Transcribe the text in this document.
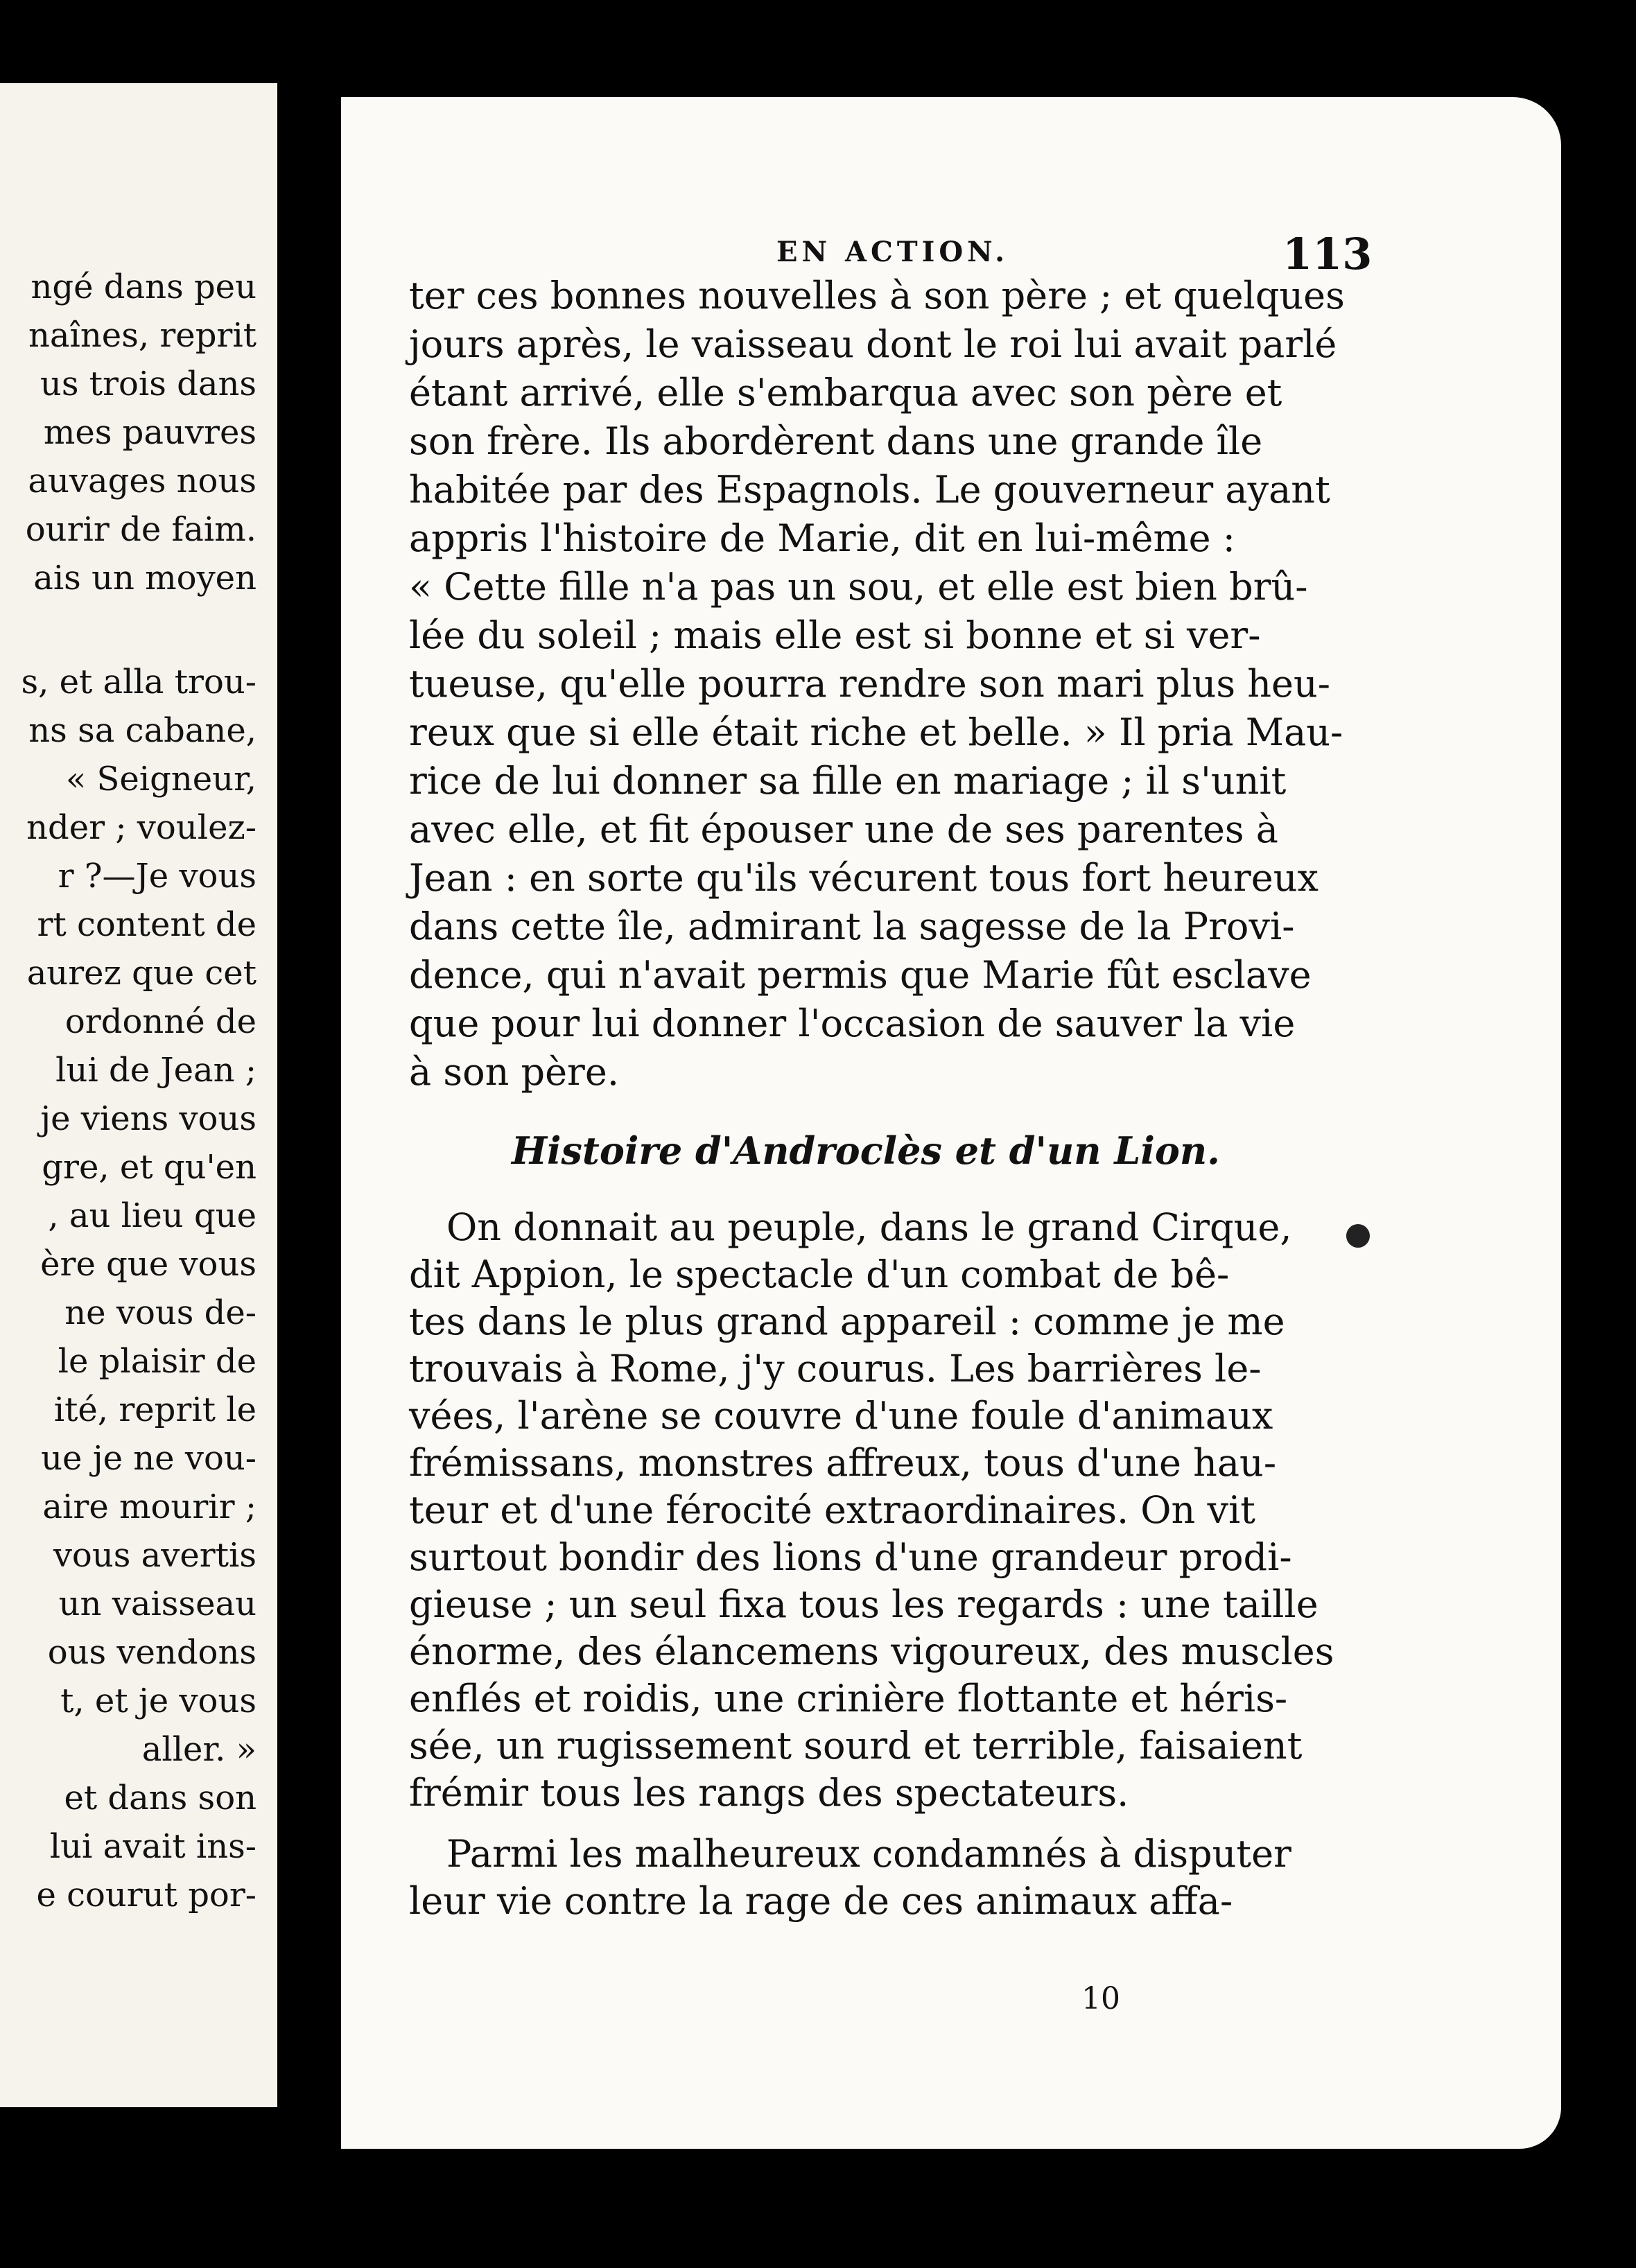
ngé dans peu
naînes, reprit
us trois dans
mes pauvres
auvages nous
ourir de faim.
ais un moyen
s, et alla trou-
ns sa cabane,
« Seigneur,
nder ; voulez-
r ?—Je vous
rt content de
aurez que cet
ordonné de
lui de Jean ;
je viens vous
gre, et qu'en
, au lieu que
ère que vous
ne vous de-
le plaisir de
ité, reprit le
ue je ne vou-
aire mourir ;
vous avertis
un vaisseau
ous vendons
t, et je vous
aller. »
et dans son
lui avait ins-
e courut por-
EN ACTION.	113
ter ces bonnes nouvelles à son père ; et quelques
jours après, le vaisseau dont le roi lui avait parlé
étant arrivé, elle s'embarqua avec son père et
son frère. Ils abordèrent dans une grande île
habitée par des Espagnols. Le gouverneur ayant
appris l'histoire de Marie, dit en lui-même :
« Cette fille n'a pas un sou, et elle est bien brû-
lée du soleil ; mais elle est si bonne et si ver-
tueuse, qu'elle pourra rendre son mari plus heu-
reux que si elle était riche et belle. » Il pria Mau-
rice de lui donner sa fille en mariage ; il s'unit
avec elle, et fit épouser une de ses parentes à
Jean : en sorte qu'ils vécurent tous fort heureux
dans cette île, admirant la sagesse de la Provi-
dence, qui n'avait permis que Marie fût esclave
que pour lui donner l'occasion de sauver la vie
à son père.
Histoire d'Androclès et d'un Lion.
On donnait au peuple, dans le grand Cirque,
dit Appion, le spectacle d'un combat de bê-
tes dans le plus grand appareil : comme je me
trouvais à Rome, j'y courus. Les barrières le-
vées, l'arène se couvre d'une foule d'animaux
frémissans, monstres affreux, tous d'une hau-
teur et d'une férocité extraordinaires. On vit
surtout bondir des lions d'une grandeur prodi-
gieuse ; un seul fixa tous les regards : une taille
énorme, des élancemens vigoureux, des muscles
enflés et roidis, une crinière flottante et héris-
sée, un rugissement sourd et terrible, faisaient
frémir tous les rangs des spectateurs.
Parmi les malheureux condamnés à disputer
leur vie contre la rage de ces animaux affa-
10
